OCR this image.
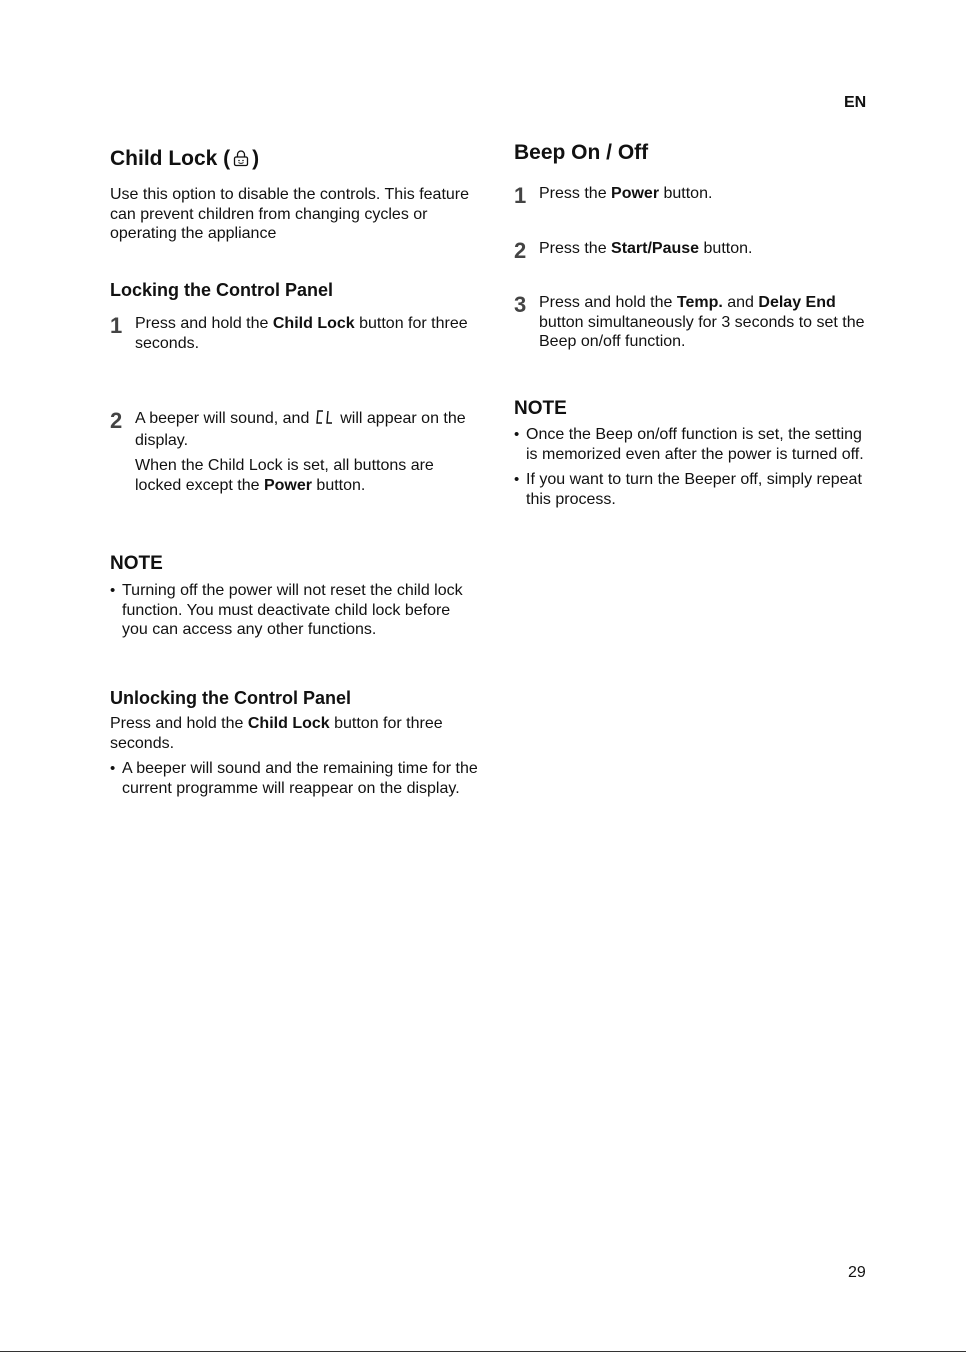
EN
Child Lock ( )

Use this option to disable the controls. This feature can prevent children from changing cycles or operating the appliance

Locking the Control Panel
1 Press and hold the Child Lock button for three seconds.

2 A beeper will sound, and  will appear on the display.

When the Child Lock is set, all buttons are locked except the Power button.

NOTE

• Turning off the power will not reset the child lock function. You must deactivate child lock before you can access any other functions.

Unlocking the Control Panel

Press and hold the Child Lock button for three seconds.

• A beeper will sound and the remaining time for the current programme will reappear on the display.

Beep On / Off
1 Press the Power button.

2 Press the Start/Pause button.

3 Press and hold the Temp. and Delay End button simultaneously for 3 seconds to set the Beep on/off function.

NOTE

• Once the Beep on/off function is set, the setting is memorized even after the power is turned off.

• If you want to turn the Beeper off, simply repeat this process.

29
